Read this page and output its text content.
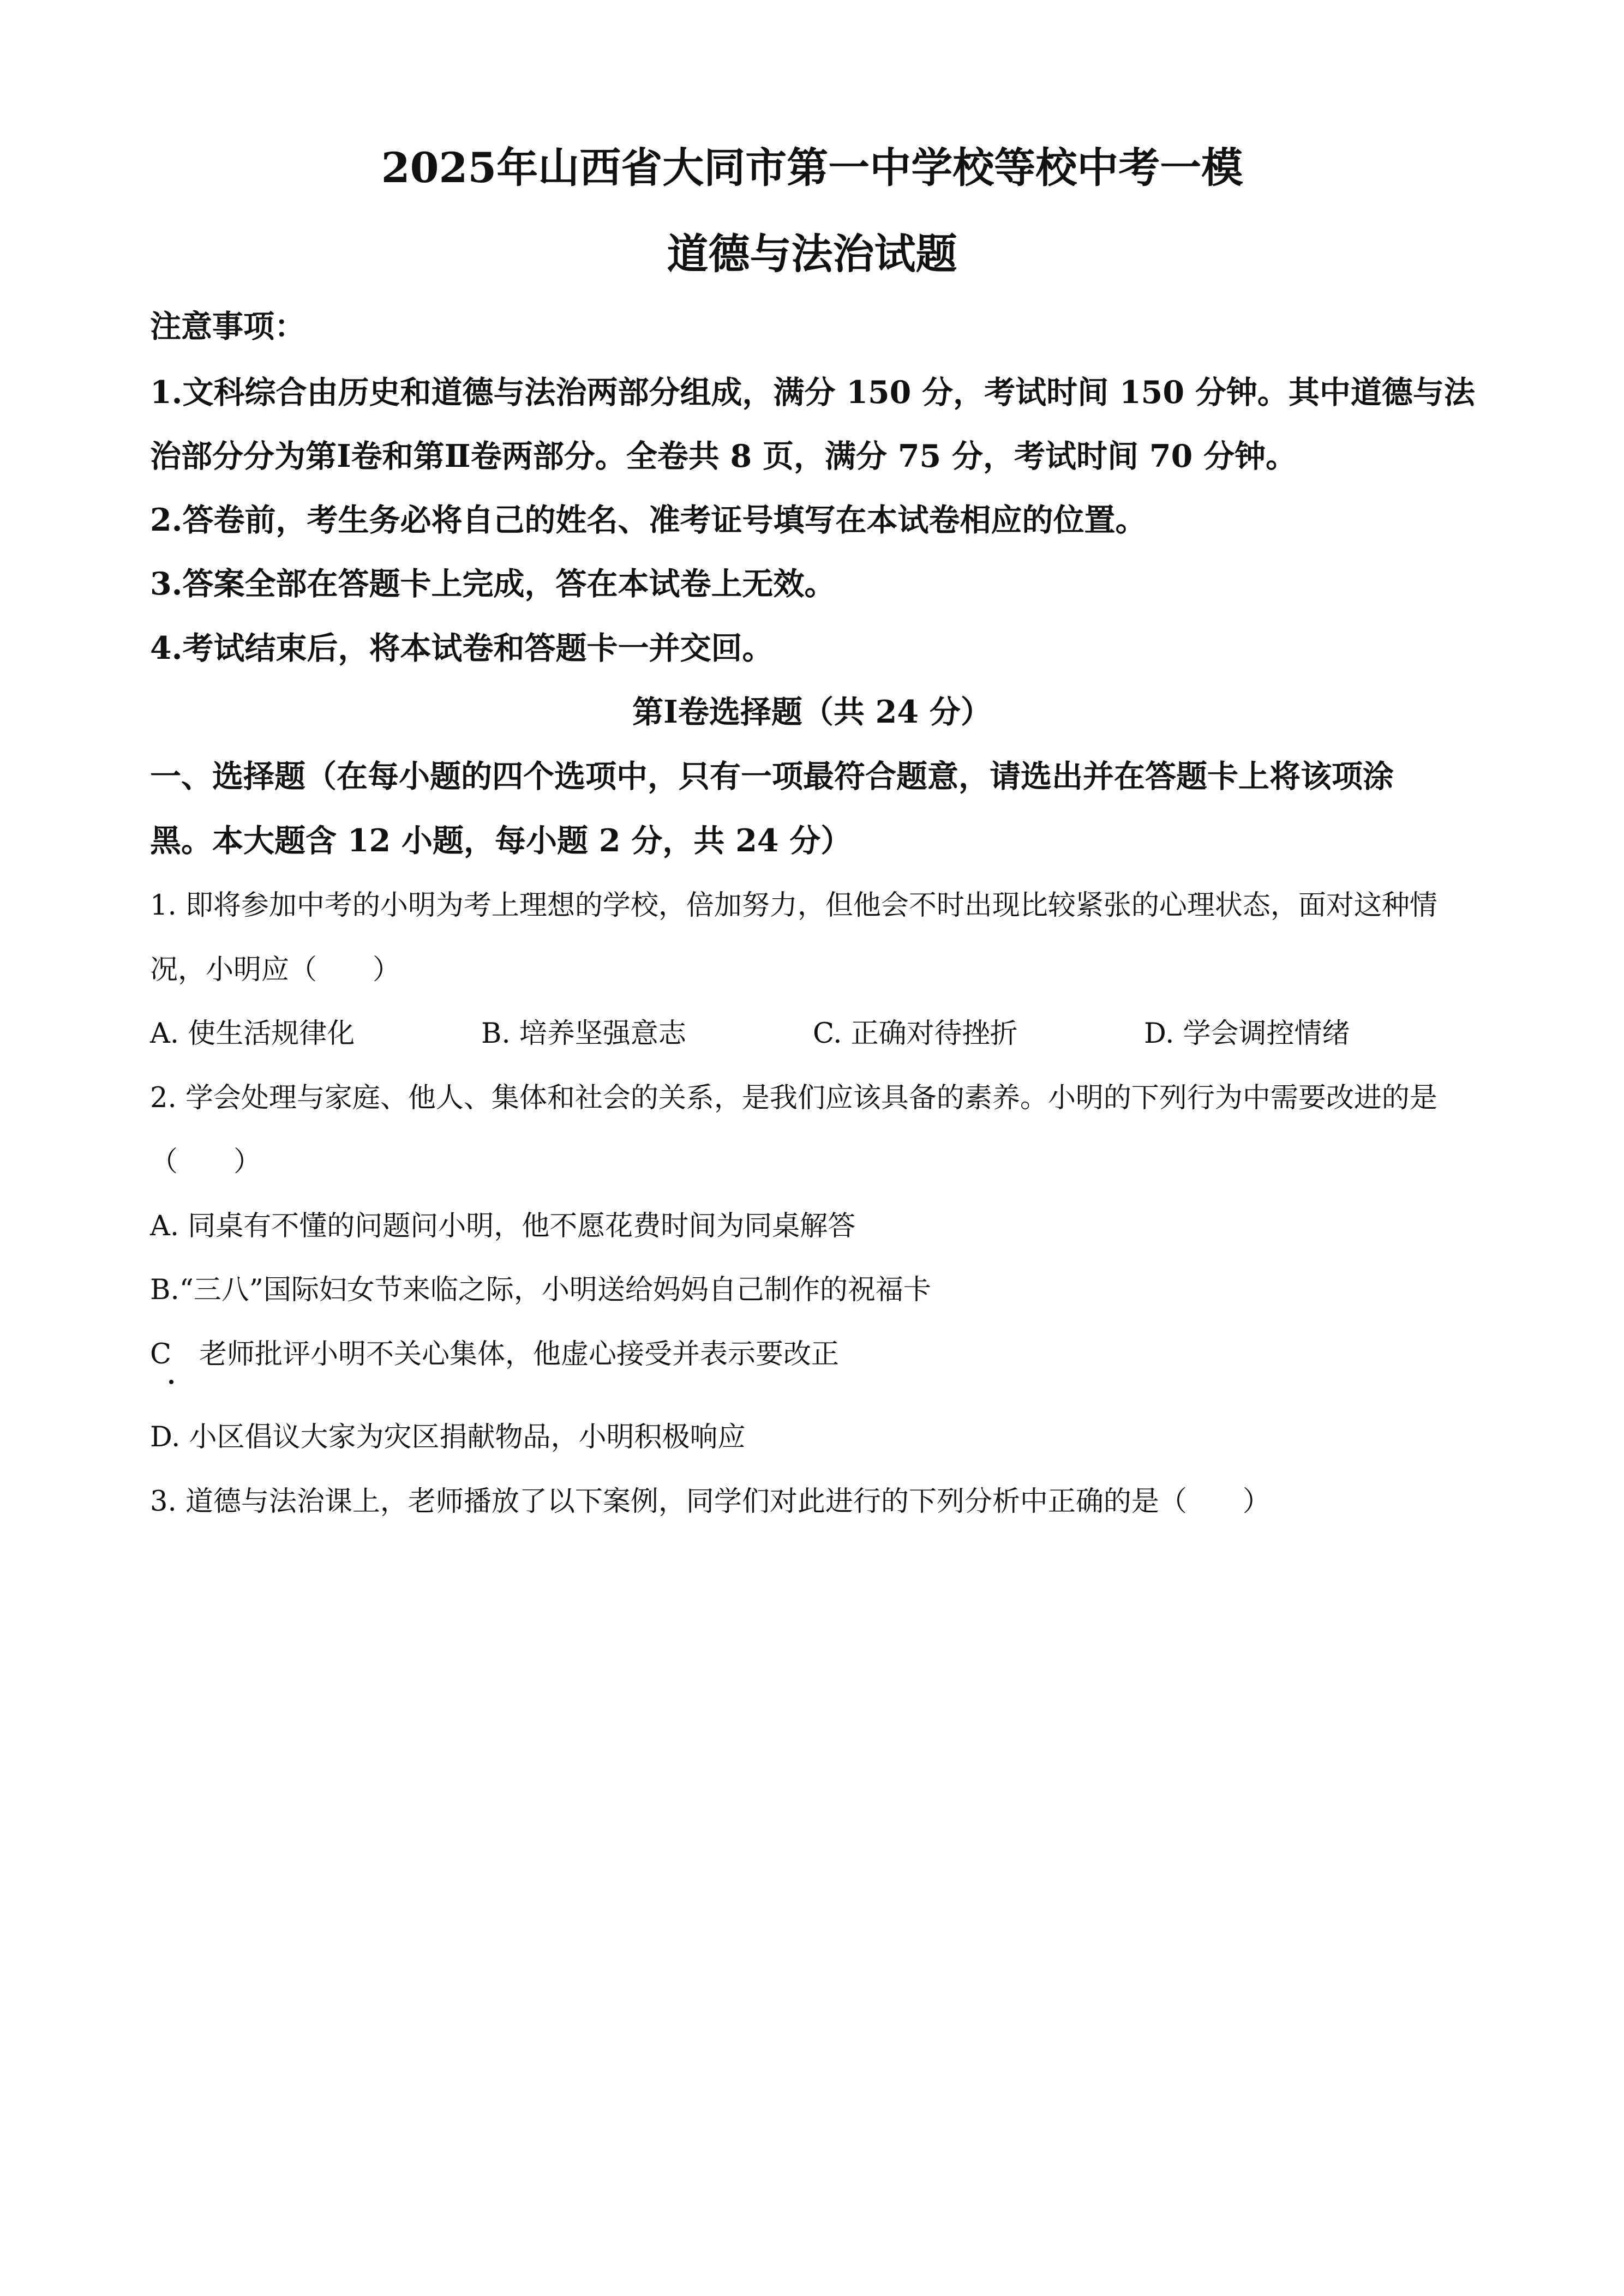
2025年山西省大同市第一中学校等校中考一模
道德与法治试题
注意事项：
1.文科综合由历史和道德与法治两部分组成，满分 150 分，考试时间 150 分钟。其中道德与法
治部分分为第Ⅰ卷和第Ⅱ卷两部分。全卷共 8 页，满分 75 分，考试时间 70 分钟。
2.答卷前，考生务必将自己的姓名、准考证号填写在本试卷相应的位置。
3.答案全部在答题卡上完成，答在本试卷上无效。
4.考试结束后，将本试卷和答题卡一并交回。
第Ⅰ卷选择题（共 24 分）
一、选择题（在每小题的四个选项中，只有一项最符合题意，请选出并在答题卡上将该项涂
黑。本大题含 12 小题，每小题 2 分，共 24 分）
1. 即将参加中考的小明为考上理想的学校，倍加努力，但他会不时出现比较紧张的心理状态，面对这种情
况，小明应（　　）
A. 使生活规律化	B. 培养坚强意志	C. 正确对待挫折	D. 学会调控情绪
2. 学会处理与家庭、他人、集体和社会的关系，是我们应该具备的素养。小明的下列行为中需要改进的是
（　　）
A. 同桌有不懂的问题问小明，他不愿花费时间为同桌解答
B.“三八”国际妇女节来临之际，小明送给妈妈自己制作的祝福卡
C　老师批评小明不关心集体，他虚心接受并表示要改正
D. 小区倡议大家为灾区捐献物品，小明积极响应
3. 道德与法治课上，老师播放了以下案例，同学们对此进行的下列分析中正确的是（　　）
